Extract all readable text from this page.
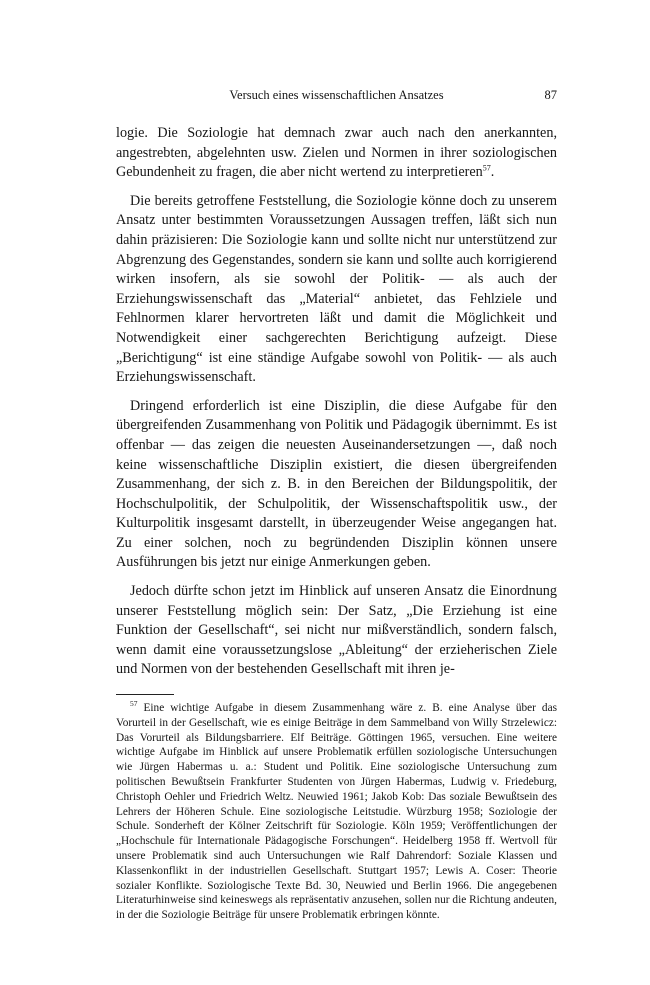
Versuch eines wissenschaftlichen Ansatzes	87

logie. Die Soziologie hat demnach zwar auch nach den anerkannten, angestrebten, abgelehnten usw. Zielen und Normen in ihrer soziologischen Gebundenheit zu fragen, die aber nicht wertend zu interpretieren$^{57}$.

Die bereits getroffene Feststellung, die Soziologie könne doch zu unserem Ansatz unter bestimmten Voraussetzungen Aussagen treffen, läßt sich nun dahin präzisieren: Die Soziologie kann und sollte nicht nur unterstützend zur Abgrenzung des Gegenstandes, sondern sie kann und sollte auch korrigierend wirken insofern, als sie sowohl der Politik- — als auch der Erziehungswissenschaft das „Material“ anbietet, das Fehlziele und Fehlnormen klarer hervortreten läßt und damit die Möglichkeit und Notwendigkeit einer sachgerechten Berichtigung aufzeigt. Diese „Berichtigung“ ist eine ständige Aufgabe sowohl von Politik- — als auch Erziehungswissenschaft.

Dringend erforderlich ist eine Disziplin, die diese Aufgabe für den übergreifenden Zusammenhang von Politik und Pädagogik übernimmt. Es ist offenbar — das zeigen die neuesten Auseinandersetzungen —, daß noch keine wissenschaftliche Disziplin existiert, die diesen übergreifenden Zusammenhang, der sich z. B. in den Bereichen der Bildungspolitik, der Hochschulpolitik, der Schulpolitik, der Wissenschaftspolitik usw., der Kulturpolitik insgesamt darstellt, in überzeugender Weise angegangen hat. Zu einer solchen, noch zu begründenden Disziplin können unsere Ausführungen bis jetzt nur einige Anmerkungen geben.

Jedoch dürfte schon jetzt im Hinblick auf unseren Ansatz die Einordnung unserer Feststellung möglich sein: Der Satz, „Die Erziehung ist eine Funktion der Gesellschaft“, sei nicht nur mißverständlich, sondern falsch, wenn damit eine voraussetzungslose „Ableitung“ der erzieherischen Ziele und Normen von der bestehenden Gesellschaft mit ihren je-

$^{57}$ Eine wichtige Aufgabe in diesem Zusammenhang wäre z. B. eine Analyse über das Vorurteil in der Gesellschaft, wie es einige Beiträge in dem Sammelband von Willy Strzelewicz: Das Vorurteil als Bildungsbarriere. Elf Beiträge. Göttingen 1965, versuchen. Eine weitere wichtige Aufgabe im Hinblick auf unsere Problematik erfüllen soziologische Untersuchungen wie Jürgen Habermas u. a.: Student und Politik. Eine soziologische Untersuchung zum politischen Bewußtsein Frankfurter Studenten von Jürgen Habermas, Ludwig v. Friedeburg, Christoph Oehler und Friedrich Weltz. Neuwied 1961; Jakob Kob: Das soziale Bewußtsein des Lehrers der Höheren Schule. Eine soziologische Leitstudie. Würzburg 1958; Soziologie der Schule. Sonderheft der Kölner Zeitschrift für Soziologie. Köln 1959; Veröffentlichungen der „Hochschule für Internationale Pädagogische Forschungen“. Heidelberg 1958 ff. Wertvoll für unsere Problematik sind auch Untersuchungen wie Ralf Dahrendorf: Soziale Klassen und Klassenkonflikt in der industriellen Gesellschaft. Stuttgart 1957; Lewis A. Coser: Theorie sozialer Konflikte. Soziologische Texte Bd. 30, Neuwied und Berlin 1966. Die angegebenen Literaturhinweise sind keineswegs als repräsentativ anzusehen, sollen nur die Richtung andeuten, in der die Soziologie Beiträge für unsere Problematik erbringen könnte.
